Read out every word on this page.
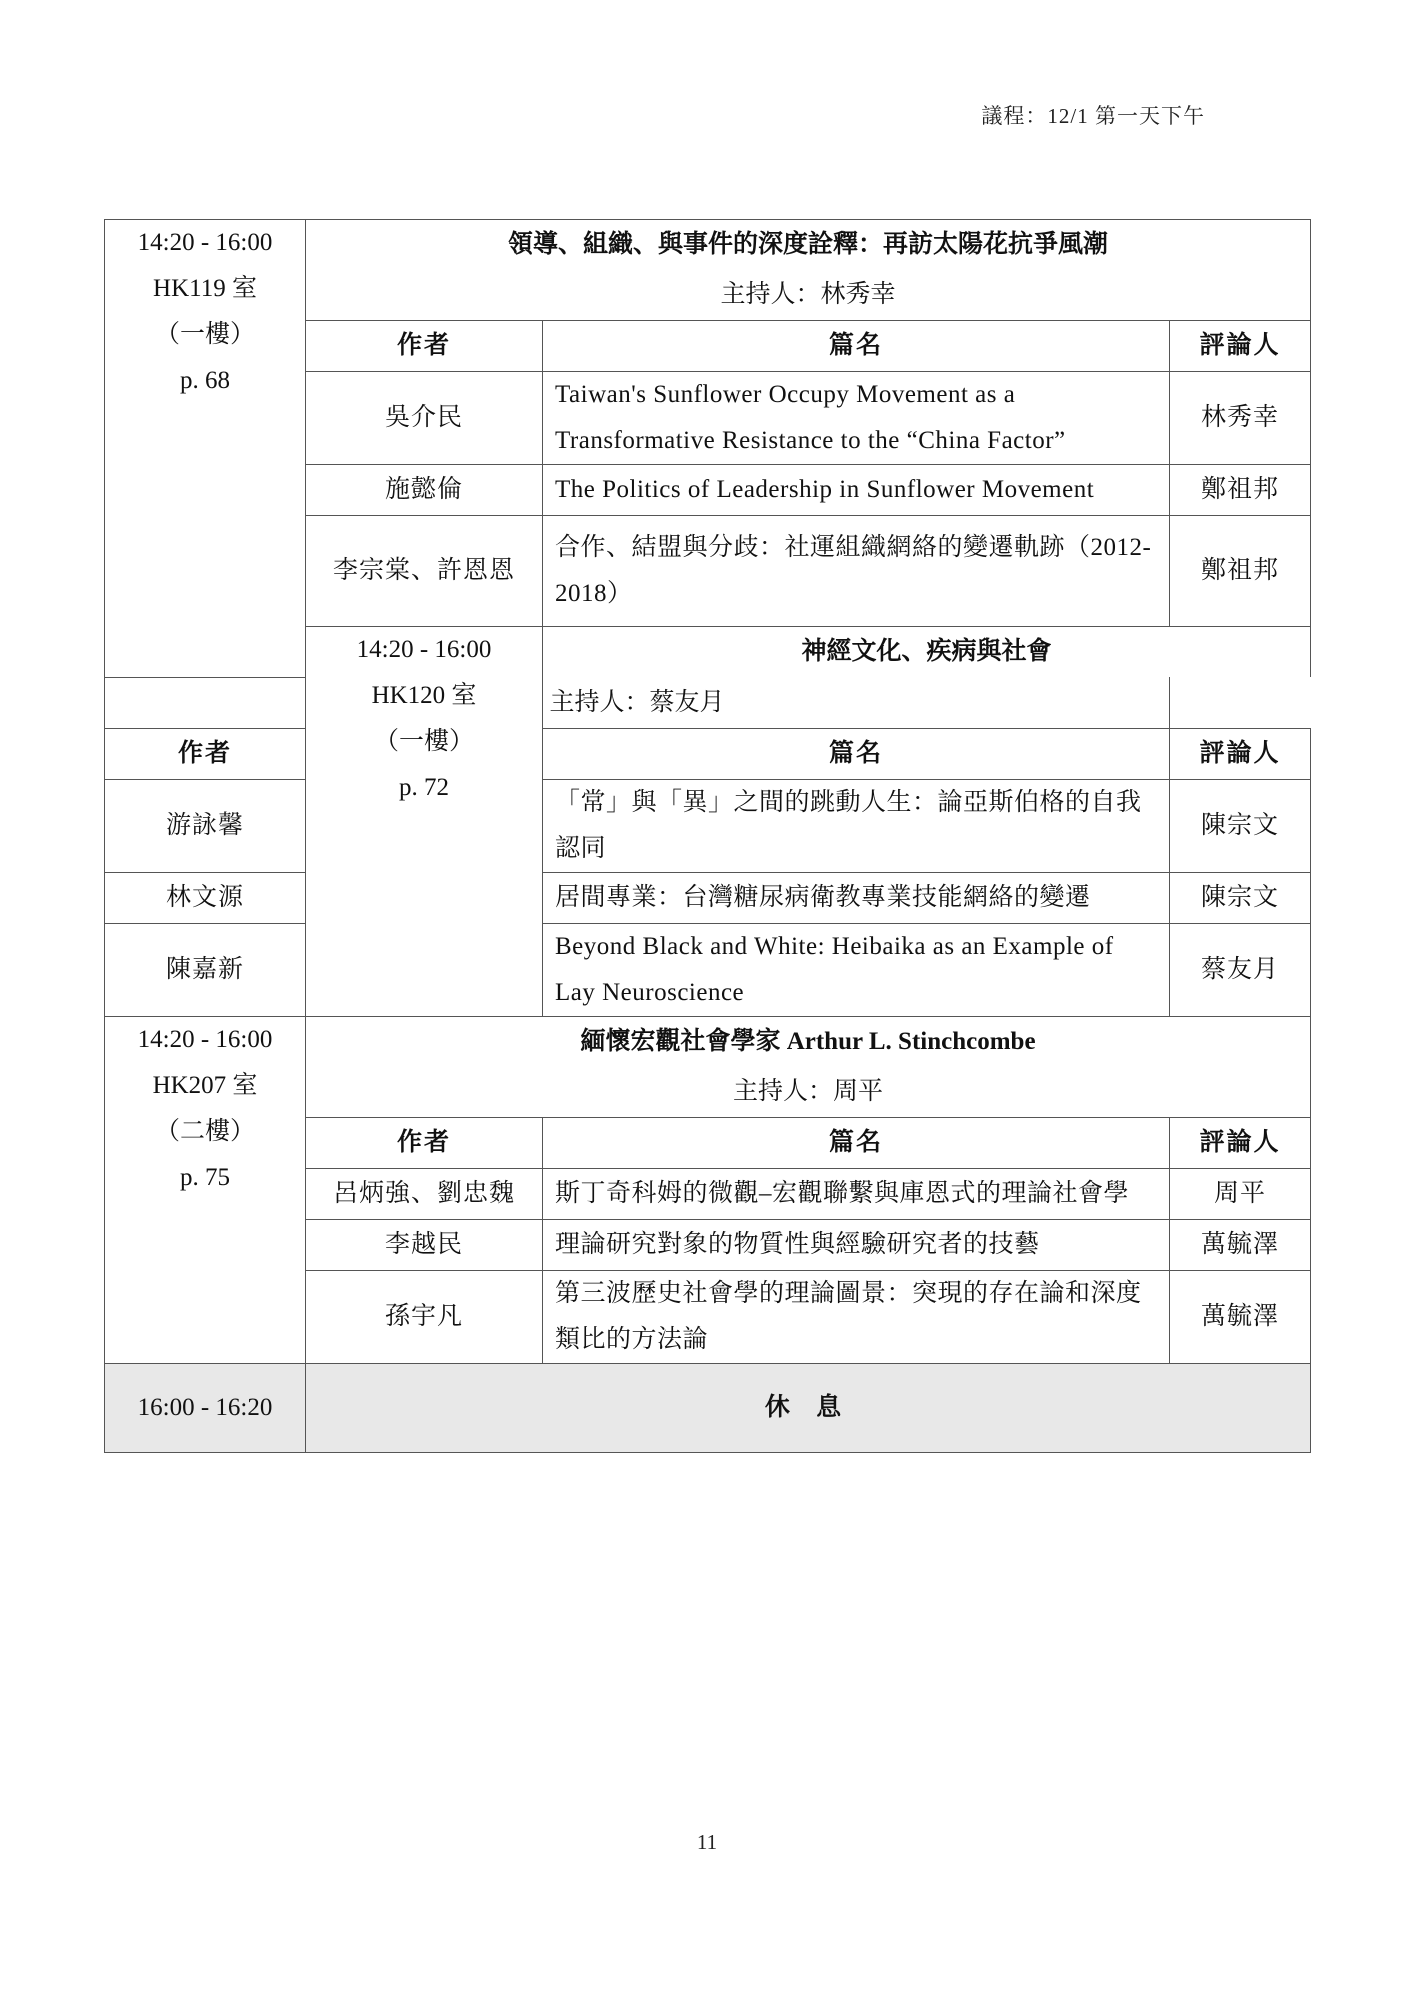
議程：12/1 第一天下午
14:20 - 16:00
HK119 室
（一樓）
p. 68	領導、組織、與事件的深度詮釋：再訪太陽花抗爭風潮		
	主持人：林秀幸		
	作者	篇名	評論人
	吳介民	Taiwan's Sunflower Occupy Movement as a Transformative Resistance to the “China Factor”	林秀幸
	施懿倫	The Politics of Leadership in Sunflower Movement	鄭祖邦
	李宗棠、許恩恩	合作、結盟與分歧：社運組織網絡的變遷軌跡（2012-2018）	鄭祖邦

	14:20 - 16:00
HK120 室
（一樓）
p. 72	神經文化、疾病與社會	
主持人：蔡友月			
作者		篇名	評論人
游詠馨		「常」與「異」之間的跳動人生：論亞斯伯格的自我認同	陳宗文
林文源		居間專業：台灣糖尿病衛教專業技能網絡的變遷	陳宗文
陳嘉新		Beyond Black and White: Heibaika as an Example of Lay Neuroscience	蔡友月

14:20 - 16:00
HK207 室
（二樓）
p. 75	緬懷宏觀社會學家 Arthur L. Stinchcombe		
	主持人：周平		
	作者	篇名	評論人
	呂炳強、劉忠魏	斯丁奇科姆的微觀–宏觀聯繫與庫恩式的理論社會學	周平
	李越民	理論研究對象的物質性與經驗研究者的技藝	萬毓澤
	孫宇凡	第三波歷史社會學的理論圖景：突現的存在論和深度類比的方法論	萬毓澤
16:00 - 16:20	休 息		
11
